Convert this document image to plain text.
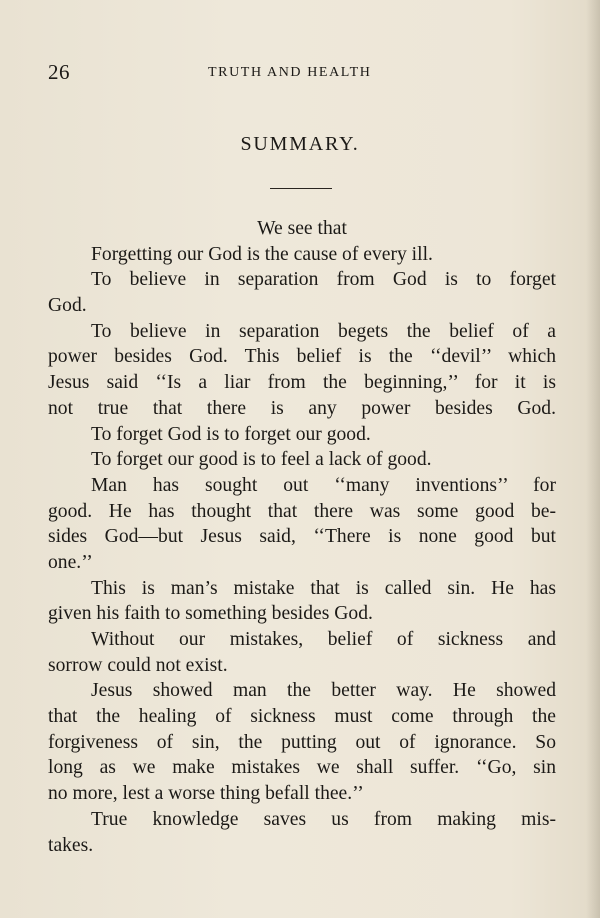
26	TRUTH AND HEALTH
SUMMARY.
We see that
Forgetting our God is the cause of every ill.
To believe in separation from God is to forget
God.
To believe in separation begets the belief of a
power besides God. This belief is the ‘‘devil’’ which
Jesus said ‘‘Is a liar from the beginning,’’ for it is
not true that there is any power besides God.
To forget God is to forget our good.
To forget our good is to feel a lack of good.
Man has sought out ‘‘many inventions’’ for
good. He has thought that there was some good be-
sides God—but Jesus said, ‘‘There is none good but
one.’’
This is man’s mistake that is called sin. He has
given his faith to something besides God.
Without our mistakes, belief of sickness and
sorrow could not exist.
Jesus showed man the better way. He showed
that the healing of sickness must come through the
forgiveness of sin, the putting out of ignorance. So
long as we make mistakes we shall suffer. ‘‘Go, sin
no more, lest a worse thing befall thee.’’
True knowledge saves us from making mis-
takes.
